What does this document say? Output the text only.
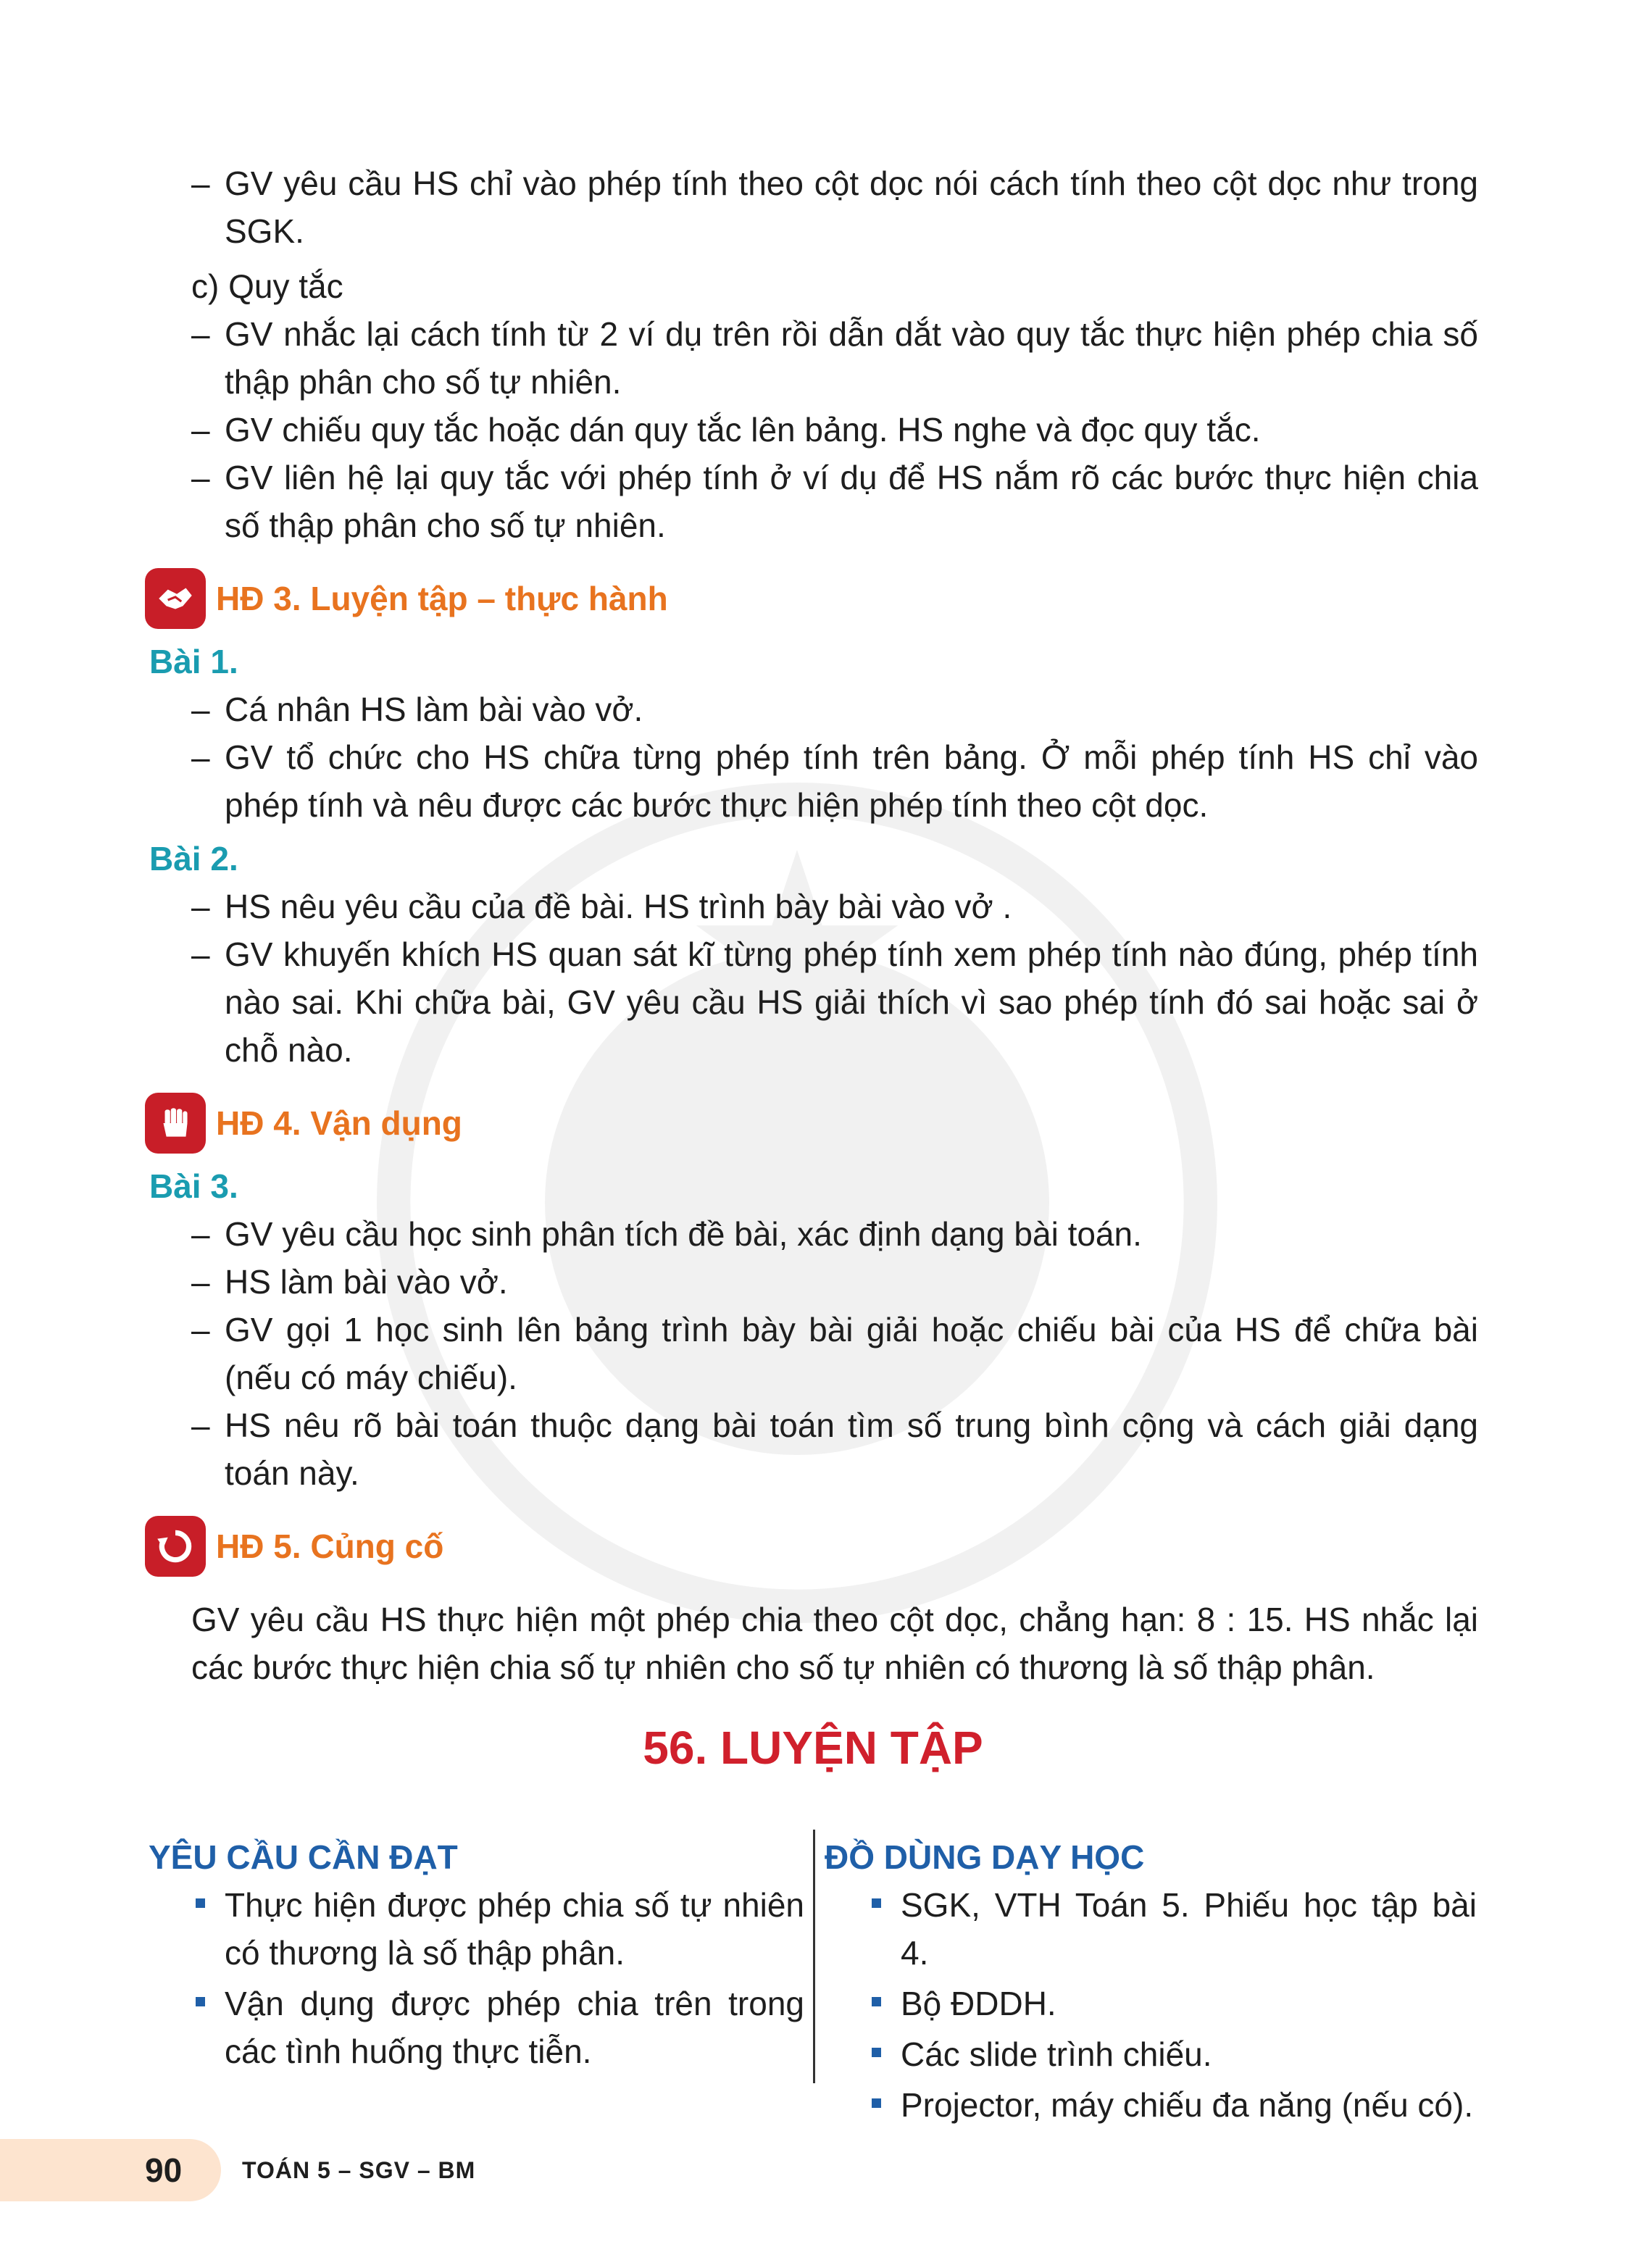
– GV yêu cầu HS chỉ vào phép tính theo cột dọc nói cách tính theo cột dọc như trong SGK.

c) Quy tắc

– GV nhắc lại cách tính từ 2 ví dụ trên rồi dẫn dắt vào quy tắc thực hiện phép chia số thập phân cho số tự nhiên.

– GV chiếu quy tắc hoặc dán quy tắc lên bảng. HS nghe và đọc quy tắc.

– GV liên hệ lại quy tắc với phép tính ở ví dụ để HS nắm rõ các bước thực hiện chia số thập phân cho số tự nhiên.

HĐ 3. Luyện tập – thực hành

Bài 1.

– Cá nhân HS làm bài vào vở.

– GV tổ chức cho HS chữa từng phép tính trên bảng. Ở mỗi phép tính HS chỉ vào phép tính và nêu được các bước thực hiện phép tính theo cột dọc.

Bài 2.

– HS nêu yêu cầu của đề bài. HS trình bày bài vào vở .

– GV khuyến khích HS quan sát kĩ từng phép tính xem phép tính nào đúng, phép tính nào sai. Khi chữa bài, GV yêu cầu HS giải thích vì sao phép tính đó sai hoặc sai ở chỗ nào.

HĐ 4. Vận dụng

Bài 3.

– GV yêu cầu học sinh phân tích đề bài, xác định dạng bài toán.

– HS làm bài vào vở.

– GV gọi 1 học sinh lên bảng trình bày bài giải hoặc chiếu bài của HS để chữa bài (nếu có máy chiếu).

– HS nêu rõ bài toán thuộc dạng bài toán tìm số trung bình cộng và cách giải dạng toán này.

HĐ 5. Củng cố

GV yêu cầu HS thực hiện một phép chia theo cột dọc, chẳng hạn: 8 : 15. HS nhắc lại các bước thực hiện chia số tự nhiên cho số tự nhiên có thương là số thập phân.

56. LUYỆN TẬP

YÊU CẦU CẦN ĐẠT

Thực hiện được phép chia số tự nhiên có thương là số thập phân.

Vận dụng được phép chia trên trong các tình huống thực tiễn.

ĐỒ DÙNG DẠY HỌC

SGK, VTH Toán 5. Phiếu học tập bài 4.

Bộ ĐDDH.

Các slide trình chiếu.

Projector, máy chiếu đa năng (nếu có).

90	TOÁN 5 – SGV – BM
